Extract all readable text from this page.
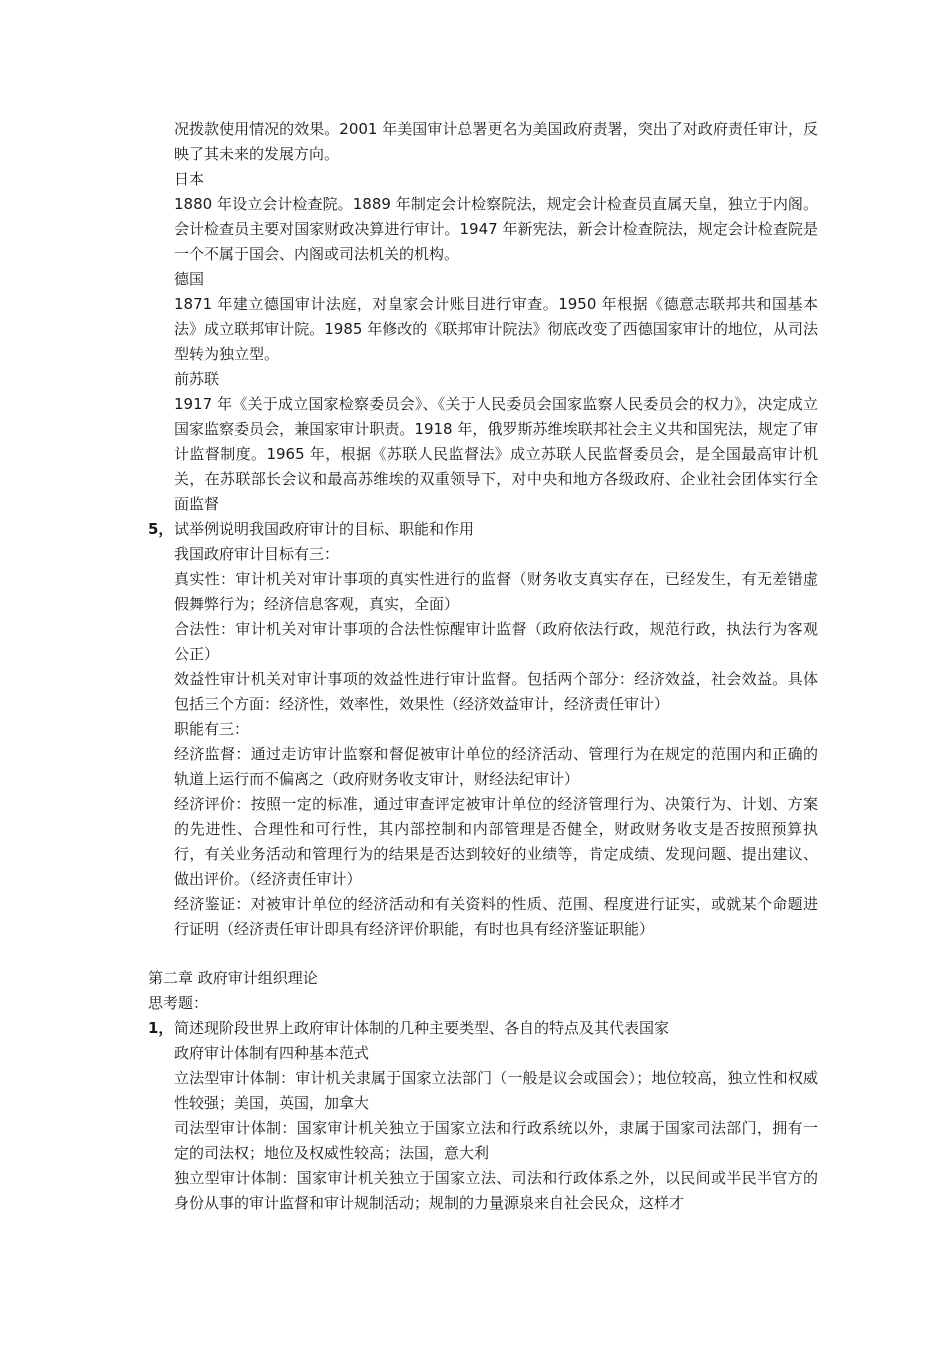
况拨款使用情况的效果。2001 年美国审计总署更名为美国政府责署，突出了对政府责任审计，反映了其未来的发展方向。

日本

1880 年设立会计检查院。1889 年制定会计检察院法，规定会计检查员直属天皇，独立于内阁。会计检查员主要对国家财政决算进行审计。1947 年新宪法，新会计检查院法，规定会计检查院是一个不属于国会、内阁或司法机关的机构。

德国

1871 年建立德国审计法庭，对皇家会计账目进行审查。1950 年根据《德意志联邦共和国基本法》成立联邦审计院。1985 年修改的《联邦审计院法》彻底改变了西德国家审计的地位，从司法型转为独立型。

前苏联

1917 年《关于成立国家检察委员会》、《关于人民委员会国家监察人民委员会的权力》，决定成立国家监察委员会，兼国家审计职责。1918 年，俄罗斯苏维埃联邦社会主义共和国宪法，规定了审计监督制度。1965 年，根据《苏联人民监督法》成立苏联人民监督委员会，是全国最高审计机关，在苏联部长会议和最高苏维埃的双重领导下，对中央和地方各级政府、企业社会团体实行全面监督

5， 试举例说明我国政府审计的目标、职能和作用

我国政府审计目标有三：

真实性：审计机关对审计事项的真实性进行的监督（财务收支真实存在，已经发生，有无差错虚假舞弊行为；经济信息客观，真实，全面）

合法性：审计机关对审计事项的合法性惊醒审计监督（政府依法行政，规范行政，执法行为客观公正）

效益性审计机关对审计事项的效益性进行审计监督。包括两个部分：经济效益，社会效益。具体包括三个方面：经济性，效率性，效果性（经济效益审计，经济责任审计）

职能有三：

经济监督：通过走访审计监察和督促被审计单位的经济活动、管理行为在规定的范围内和正确的轨道上运行而不偏离之（政府财务收支审计，财经法纪审计）

经济评价：按照一定的标准，通过审查评定被审计单位的经济管理行为、决策行为、计划、方案的先进性、合理性和可行性，其内部控制和内部管理是否健全，财政财务收支是否按照预算执行，有关业务活动和管理行为的结果是否达到较好的业绩等，肯定成绩、发现问题、提出建议、做出评价。（经济责任审计）

经济鉴证：对被审计单位的经济活动和有关资料的性质、范围、程度进行证实，或就某个命题进行证明（经济责任审计即具有经济评价职能，有时也具有经济鉴证职能）

第二章 政府审计组织理论

思考题：

1， 简述现阶段世界上政府审计体制的几种主要类型、各自的特点及其代表国家

政府审计体制有四种基本范式

立法型审计体制：审计机关隶属于国家立法部门（一般是议会或国会）；地位较高，独立性和权威性较强；美国，英国，加拿大

司法型审计体制：国家审计机关独立于国家立法和行政系统以外，隶属于国家司法部门，拥有一定的司法权；地位及权威性较高；法国，意大利

独立型审计体制：国家审计机关独立于国家立法、司法和行政体系之外，以民间或半民半官方的身份从事的审计监督和审计规制活动；规制的力量源泉来自社会民众，这样才
